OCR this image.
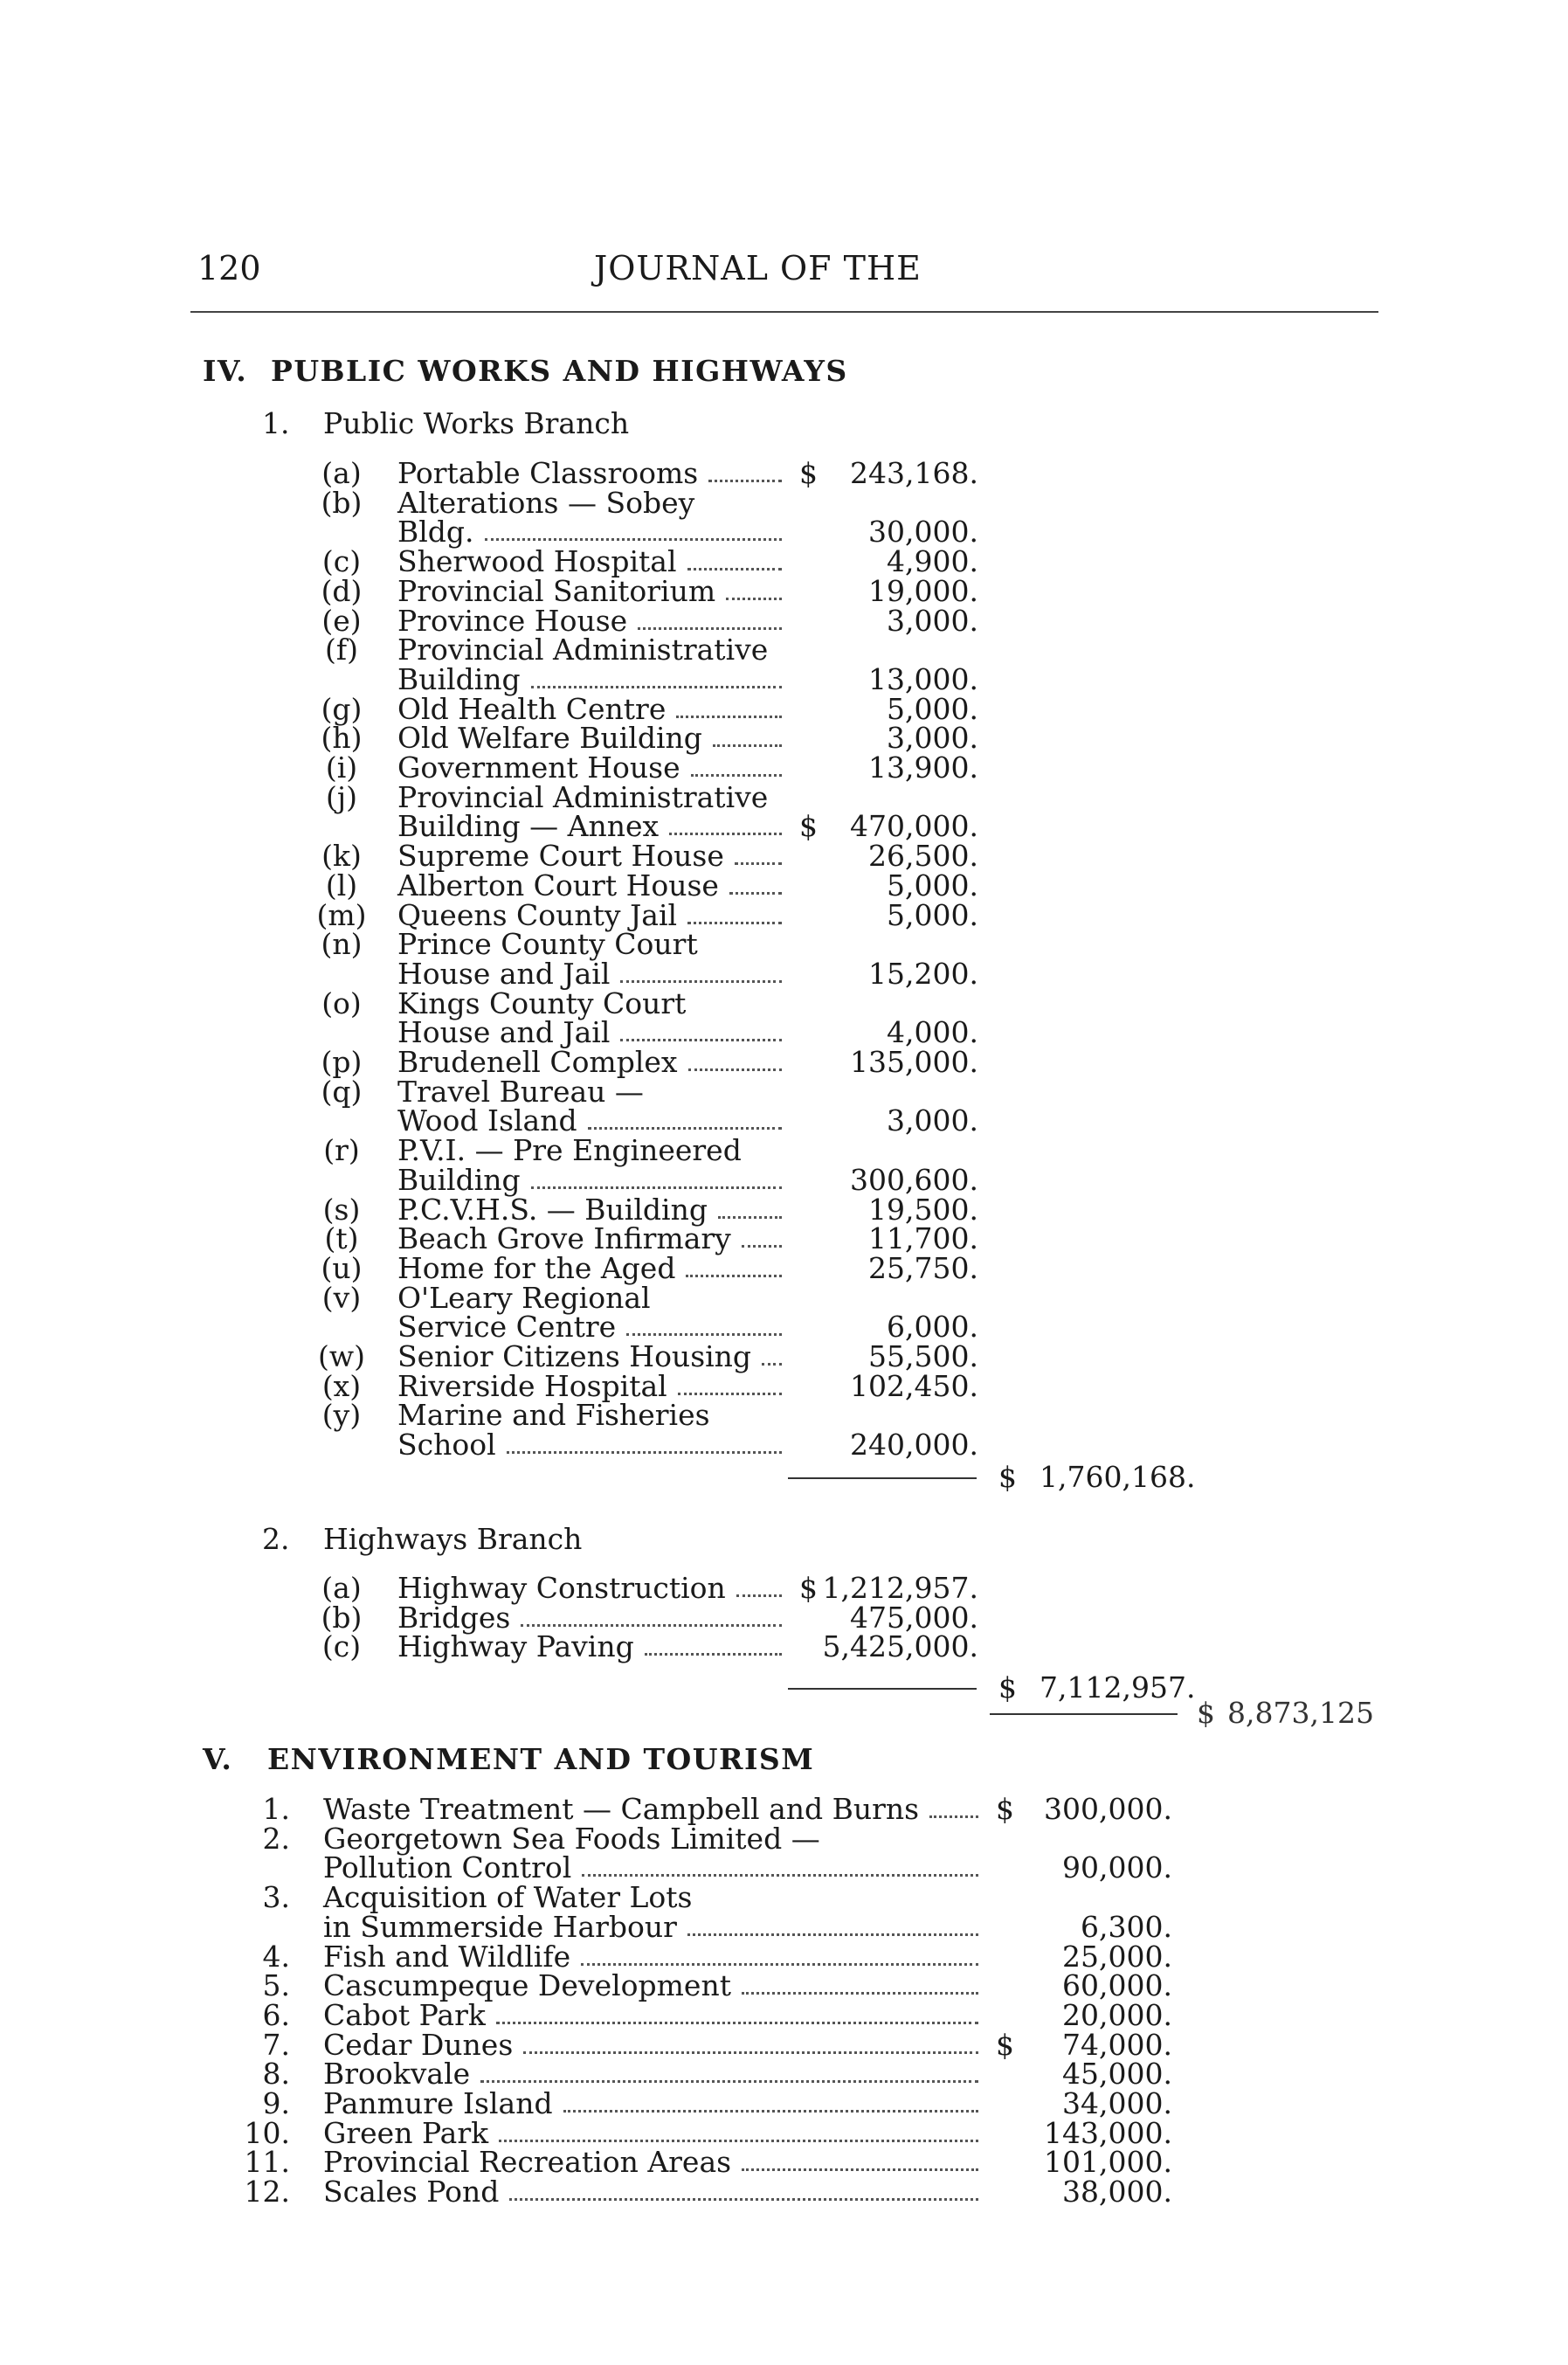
120	JOURNAL OF THE
IV. PUBLIC WORKS AND HIGHWAYS
1. Public Works Branch
(a)	Portable Classrooms	$	243,168.
(b)	Alterations — Sobey
Bldg.	30,000.
(c)	Sherwood Hospital	4,900.
(d)	Provincial Sanitorium	19,000.
(e)	Province House	3,000.
(f)	Provincial Administrative
Building	13,000.
(g)	Old Health Centre	5,000.
(h)	Old Welfare Building	3,000.
(i)	Government House	13,900.
(j)	Provincial Administrative
Building — Annex	$	470,000.
(k)	Supreme Court House	26,500.
(l)	Alberton Court House	5,000.
(m) Queens County Jail	5,000.
(n)	Prince County Court
House and Jail	15,200.
(o)	Kings County Court
House and Jail	4,000.
(p)	Brudenell Complex	135,000.
(q)	Travel Bureau —
Wood Island	3,000.
(r)	P.V.I. — Pre Engineered
Building	300,600.
(s)	P.C.V.H.S. — Building	19,500.
(t)	Beach Grove Infirmary	11,700.
(u)	Home for the Aged	25,750.
(v)	O'Leary Regional
Service Centre	6,000.
(w) Senior Citizens Housing	55,500.
(x)	Riverside Hospital	102,450.
(y)	Marine and Fisheries
School	240,000.
$ 1,760,168.
2. Highways Branch
(a)	Highway Construction	$ 1,212,957.
(b)	Bridges	475,000.
(c)	Highway Paving	5,425,000.
$ 7,112,957.
$ 8,873,125
V. ENVIRONMENT AND TOURISM
1. Waste Treatment — Campbell and Burns	$	300,000.
2. Georgetown Sea Foods Limited —
Pollution Control	90,000.
3. Acquisition of Water Lots
in Summerside Harbour	6,300.
4. Fish and Wildlife	25,000.
5. Cascumpeque Development	60,000.
6. Cabot Park	20,000.
7. Cedar Dunes	$	74,000.
8. Brookvale	45,000.
9. Panmure Island	34,000.
10. Green Park	143,000.
11. Provincial Recreation Areas	101,000.
12. Scales Pond	38,000.
